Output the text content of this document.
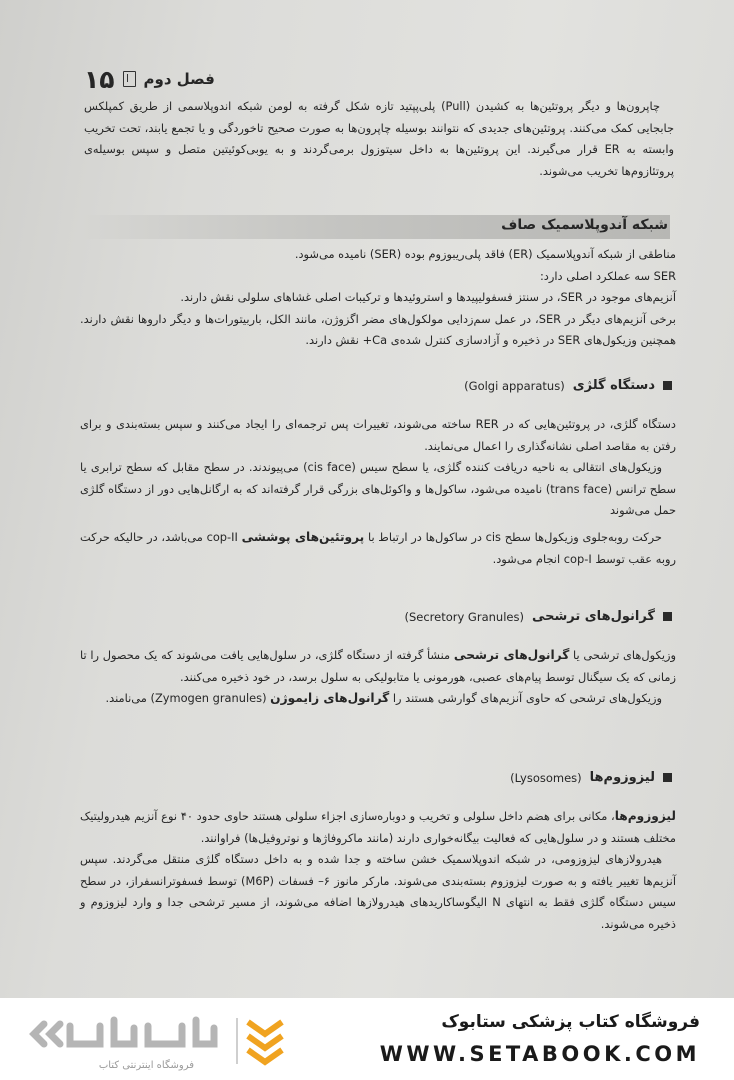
۱۵ فصل دوم

چاپرون‌ها و دیگر پروتئین‌ها به کشیدن (Pull) پلی‌پپتید تازه شکل گرفته به لومن شبکه اندوپلاسمی از طریق کمپلکس جابجایی کمک می‌کنند. پروتئین‌های جدیدی که نتوانند بوسیله چاپرون‌ها به صورت صحیح تاخوردگی و یا تجمع یابند، تحت تخریب وابسته به ER قرار می‌گیرند. این پروتئین‌ها به داخل سیتوزول برمی‌گردند و به یوبی‌کوئیتین متصل و سپس بوسیله‌ی پروتئازوم‌ها تخریب می‌شوند.

شبکه آندوپلاسمیک صاف

مناطقی از شبکه آندوپلاسمیک (ER) فاقد پلی‌ریبوزوم بوده (SER) نامیده می‌شود.

SER سه عملکرد اصلی دارد:

آنزیم‌های موجود در SER، در سنتز فسفولیپیدها و استروئیدها و ترکیبات اصلی غشاهای سلولی نقش دارند.

برخی آنزیم‌های دیگر در SER، در عمل سم‌زدایی مولکول‌های مضر اگزوژن، مانند الکل، باربیتورات‌ها و دیگر داروها نقش دارند. همچنین وزیکول‌های SER در ذخیره و آزادسازی کنترل شده‌ی Ca+ نقش دارند.

دستگاه گلژی
(Golgi apparatus)

دستگاه گلژی، در پروتئین‌هایی که در RER ساخته می‌شوند، تغییرات پس ترجمه‌ای را ایجاد می‌کنند و سپس بسته‌بندی و برای رفتن به مقاصد اصلی نشانه‌گذاری را اعمال می‌نمایند.

وزیکول‌های انتقالی به ناحیه دریافت کننده گلژی، یا سطح سیس (cis face) می‌پیوندند. در سطح مقابل که سطح ترابری یا سطح ترانس (trans face) نامیده می‌شود، ساکول‌ها و واکوئل‌های بزرگی قرار گرفته‌اند که به ارگانل‌هایی دور از دستگاه گلژی حمل می‌شوند

حرکت روبه‌جلوی وزیکول‌ها سطح cis در ساکول‌ها در ارتباط با پروتئین‌های پوششی cop-II می‌باشد، در حالیکه حرکت روبه عقب توسط cop-I انجام می‌شود.

گرانول‌های ترشحی
(Secretory Granules)

وزیکول‌های ترشحی یا گرانول‌های ترشحی منشأ گرفته از دستگاه گلژی، در سلول‌هایی یافت می‌شوند که یک محصول را تا زمانی که یک سیگنال توسط پیام‌های عصبی، هورمونی یا متابولیکی به سلول برسد، در خود ذخیره می‌کنند.

وزیکول‌های ترشحی که حاوی آنزیم‌های گوارشی هستند را گرانول‌های زایموژن (Zymogen granules) می‌نامند.

لیزوزوم‌ها
(Lysosomes)

لیزوزوم‌ها، مکانی برای هضم داخل سلولی و تخریب و دوباره‌سازی اجزاء سلولی هستند حاوی حدود ۴۰ نوع آنزیم هیدرولیتیک مختلف هستند و در سلول‌هایی که فعالیت بیگانه‌خواری دارند (مانند ماکروفاژها و نوتروفیل‌ها) فراوانند.

هیدرولازهای لیزوزومی، در شبکه اندوپلاسمیک خشن ساخته و جدا شده و به داخل دستگاه گلژی منتقل می‌گردند. سپس آنزیم‌ها تغییر یافته و به صورت لیزوزوم بسته‌بندی می‌شوند. مارکر مانوز ۶– فسفات (M6P) توسط فسفوترانسفراز، در سطح سیس دستگاه گلژی فقط به انتهای N الیگوساکاریدهای هیدرولازها اضافه می‌شوند، از مسیر ترشحی جدا و وارد لیزوزوم و ذخیره می‌شوند.

فروشگاه اینترنتی کتاب
فروشگاه کتاب پزشکی ستابوک
WWW.SETABOOK.COM
